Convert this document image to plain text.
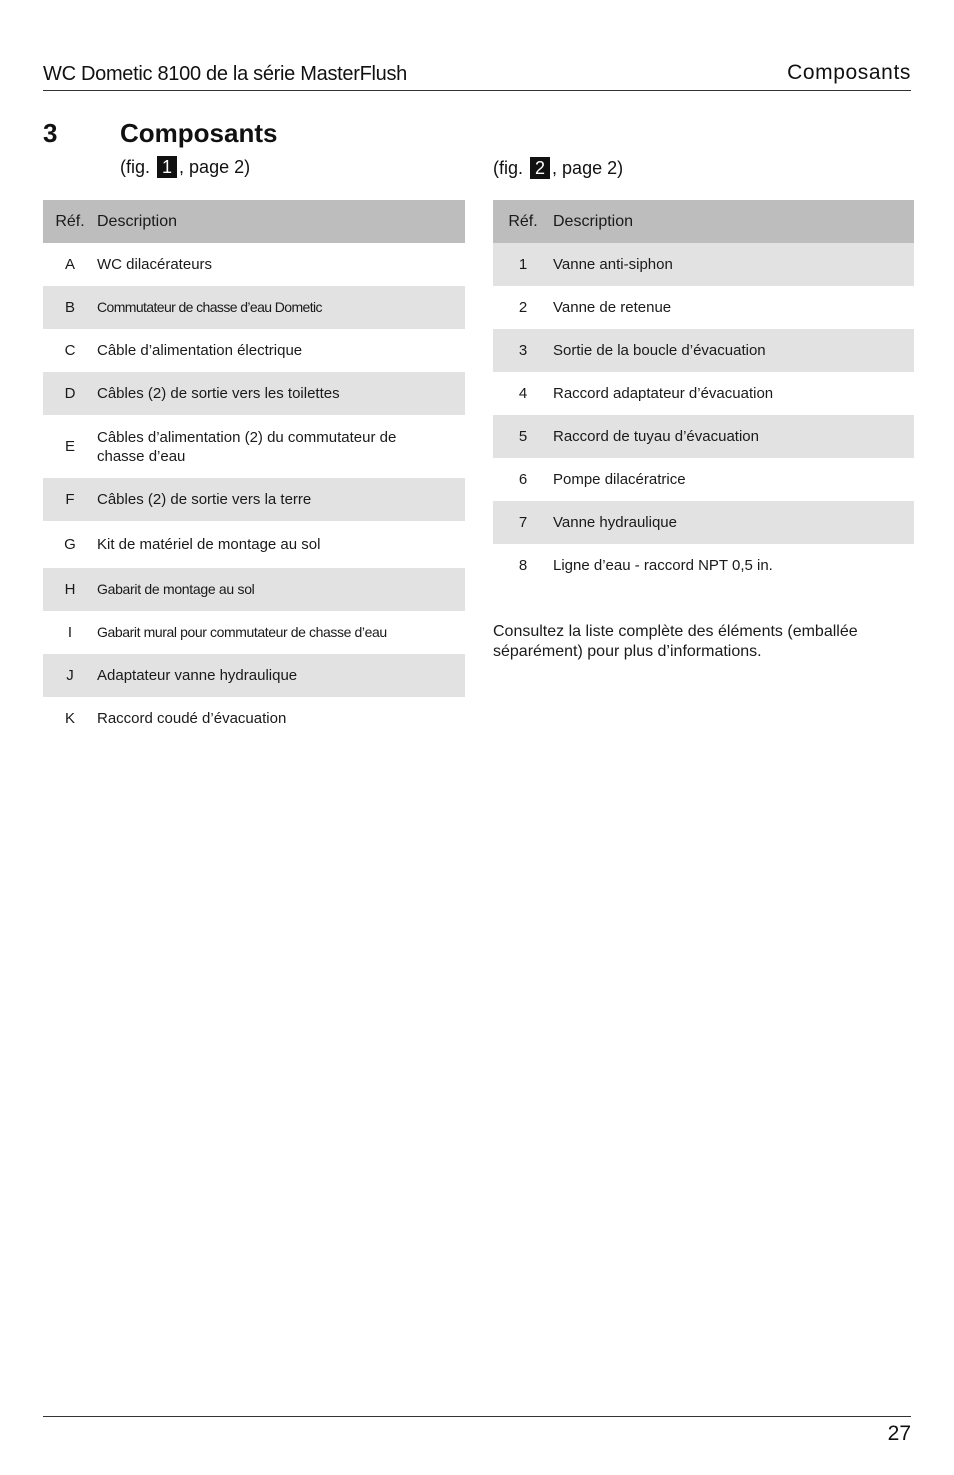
WC Dometic 8100 de la série MasterFlush	Composants
3 Composants
(fig. 1 , page 2)	(fig. 2 , page 2)
Réf.	Description
A	WC dilacérateurs
B	Commutateur de chasse d’eau Dometic
C	Câble d’alimentation électrique
D	Câbles (2) de sortie vers les toilettes
E	Câbles d’alimentation (2) du commutateur de chasse d’eau
F	Câbles (2) de sortie vers la terre
G	Kit de matériel de montage au sol
H	Gabarit de montage au sol
I	Gabarit mural pour commutateur de chasse d’eau
J	Adaptateur vanne hydraulique
K	Raccord coudé d’évacuation
Réf.	Description
1	Vanne anti-siphon
2	Vanne de retenue
3	Sortie de la boucle d’évacuation
4	Raccord adaptateur d’évacuation
5	Raccord de tuyau d’évacuation
6	Pompe dilacératrice
7	Vanne hydraulique
8	Ligne d’eau - raccord NPT 0,5 in.
Consultez la liste complète des éléments (emballée séparément) pour plus d’informations.
27
